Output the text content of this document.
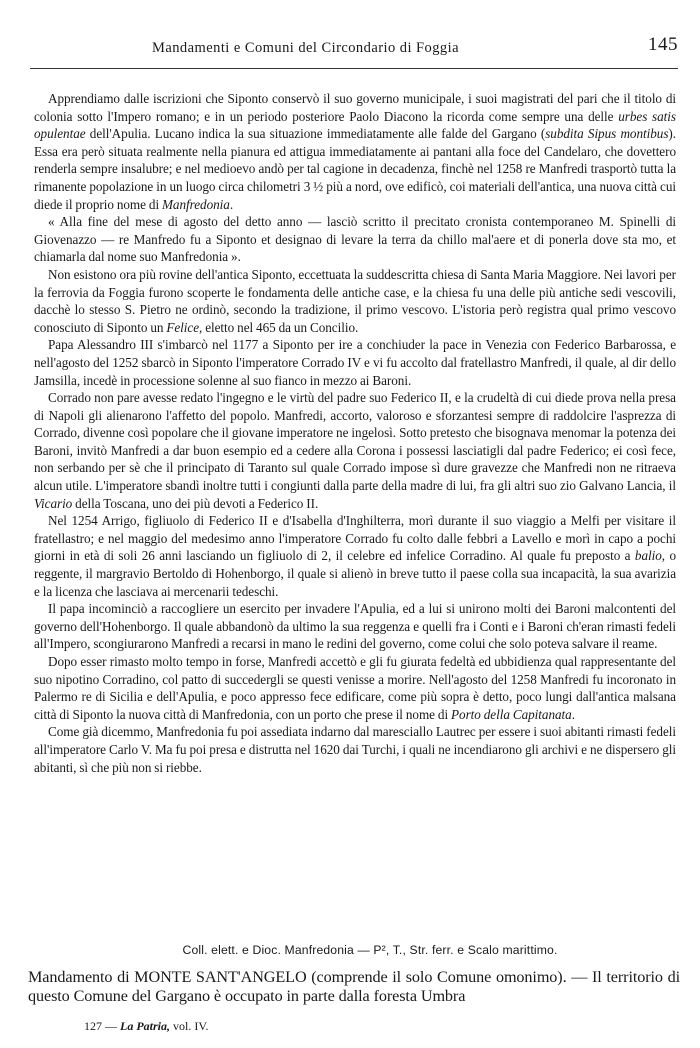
Mandamenti e Comuni del Circondario di Foggia	145

Apprendiamo dalle iscrizioni che Siponto conservò il suo governo municipale, i suoi magistrati del pari che il titolo di colonia sotto l'Impero romano; e in un periodo posteriore Paolo Diacono la ricorda come sempre una delle urbes satis opulentae dell'Apulia. Lucano indica la sua situazione immediatamente alle falde del Gargano (subdita Sipus montibus). Essa era però situata realmente nella pianura ed attigua immediatamente ai pantani alla foce del Candelaro, che dovettero renderla sempre insalubre; e nel medioevo andò per tal cagione in decadenza, finchè nel 1258 re Manfredi trasportò tutta la rimanente popolazione in un luogo circa chilometri 3 ½ più a nord, ove edificò, coi materiali dell'antica, una nuova città cui diede il proprio nome di Manfredonia.

« Alla fine del mese di agosto del detto anno — lasciò scritto il precitato cronista contemporaneo M. Spinelli di Giovenazzo — re Manfredo fu a Siponto et designao di levare la terra da chillo mal'aere et di ponerla dove sta mo, et chiamarla dal nome suo Manfredonia ».

Non esistono ora più rovine dell'antica Siponto, eccettuata la suddescritta chiesa di Santa Maria Maggiore. Nei lavori per la ferrovia da Foggia furono scoperte le fondamenta delle antiche case, e la chiesa fu una delle più antiche sedi vescovili, dacchè lo stesso S. Pietro ne ordinò, secondo la tradizione, il primo vescovo. L'istoria però registra qual primo vescovo conosciuto di Siponto un Felice, eletto nel 465 da un Concilio.

Papa Alessandro III s'imbarcò nel 1177 a Siponto per ire a conchiuder la pace in Venezia con Federico Barbarossa, e nell'agosto del 1252 sbarcò in Siponto l'imperatore Corrado IV e vi fu accolto dal fratellastro Manfredi, il quale, al dir dello Jamsilla, incedè in processione solenne al suo fianco in mezzo ai Baroni.

Corrado non pare avesse redato l'ingegno e le virtù del padre suo Federico II, e la crudeltà di cui diede prova nella presa di Napoli gli alienarono l'affetto del popolo. Manfredi, accorto, valoroso e sforzantesi sempre di raddolcire l'asprezza di Corrado, divenne così popolare che il giovane imperatore ne ingelosì. Sotto pretesto che bisognava menomar la potenza dei Baroni, invitò Manfredi a dar buon esempio ed a cedere alla Corona i possessi lasciatigli dal padre Federico; ei così fece, non serbando per sè che il principato di Taranto sul quale Corrado impose sì dure gravezze che Manfredi non ne ritraeva alcun utile. L'imperatore sbandì inoltre tutti i congiunti dalla parte della madre di lui, fra gli altri suo zio Galvano Lancia, il Vicario della Toscana, uno dei più devoti a Federico II.

Nel 1254 Arrigo, figliuolo di Federico II e d'Isabella d'Inghilterra, morì durante il suo viaggio a Melfi per visitare il fratellastro; e nel maggio del medesimo anno l'imperatore Corrado fu colto dalle febbri a Lavello e morì in capo a pochi giorni in età di soli 26 anni lasciando un figliuolo di 2, il celebre ed infelice Corradino. Al quale fu preposto a balio, o reggente, il margravio Bertoldo di Hohenborgo, il quale si alienò in breve tutto il paese colla sua incapacità, la sua avarizia e la licenza che lasciava ai mercenarii tedeschi.

Il papa incominciò a raccogliere un esercito per invadere l'Apulia, ed a lui si unirono molti dei Baroni malcontenti del governo dell'Hohenborgo. Il quale abbandonò da ultimo la sua reggenza e quelli fra i Conti e i Baroni ch'eran rimasti fedeli all'Impero, scongiurarono Manfredi a recarsi in mano le redini del governo, come colui che solo poteva salvare il reame.

Dopo esser rimasto molto tempo in forse, Manfredi accettò e gli fu giurata fedeltà ed ubbidienza qual rappresentante del suo nipotino Corradino, col patto di succedergli se questi venisse a morire. Nell'agosto del 1258 Manfredi fu incoronato in Palermo re di Sicilia e dell'Apulia, e poco appresso fece edificare, come più sopra è detto, poco lungi dall'antica malsana città di Siponto la nuova città di Manfredonia, con un porto che prese il nome di Porto della Capitanata.

Come già dicemmo, Manfredonia fu poi assediata indarno dal maresciallo Lautrec per essere i suoi abitanti rimasti fedeli all'imperatore Carlo V. Ma fu poi presa e distrutta nel 1620 dai Turchi, i quali ne incendiarono gli archivi e ne dispersero gli abitanti, sì che più non si riebbe.

Coll. elett. e Dioc. Manfredonia — P², T., Str. ferr. e Scalo marittimo.
Mandamento di MONTE SANT'ANGELO (comprende il solo Comune omonimo). — Il territorio di questo Comune del Gargano è occupato in parte dalla foresta Umbra
127 — La Patria, vol. IV.
